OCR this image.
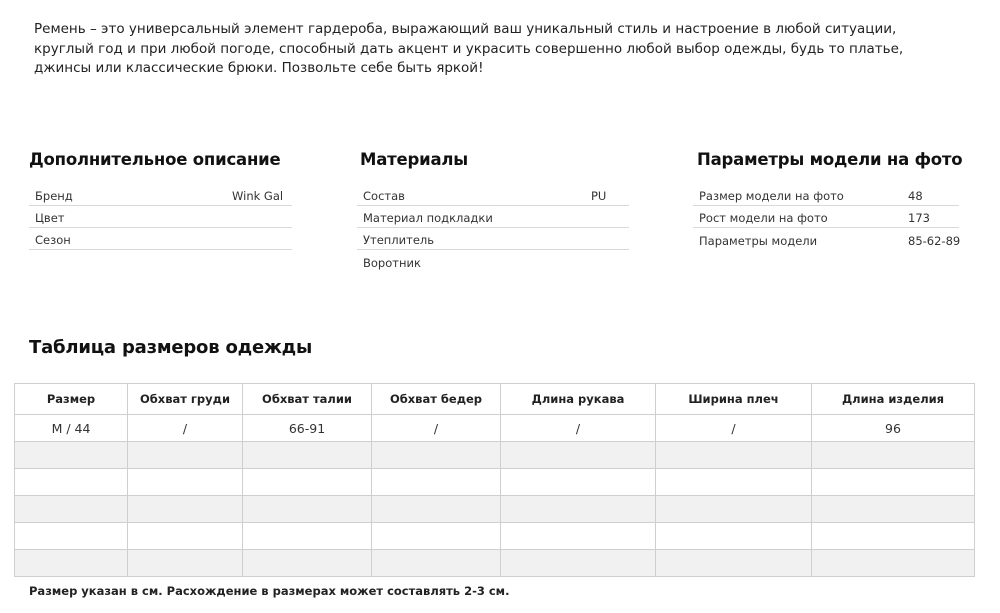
Ремень – это универсальный элемент гардероба, выражающий ваш уникальный стиль и настроение в любой ситуации,
круглый год и при любой погоде, способный дать акцент и украсить совершенно любой выбор одежды, будь то платье,
джинсы или классические брюки. Позвольте себе быть яркой!
Дополнительное описание
Бренд	Wink Gal
Цвет
Сезон
Материалы
Состав	PU
Материал подкладки
Утеплитель
Воротник
Параметры модели на фото
Размер модели на фото	48
Рост модели на фото	173
Параметры модели	85-62-89
Таблица размеров одежды
Размер	Обхват груди	Обхват талии	Обхват бедер	Длина рукава	Ширина плеч	Длина изделия
M / 44	/	66-91	/	/	/	96

Размер указан в см. Расхождение в размерах может составлять 2-3 см.
